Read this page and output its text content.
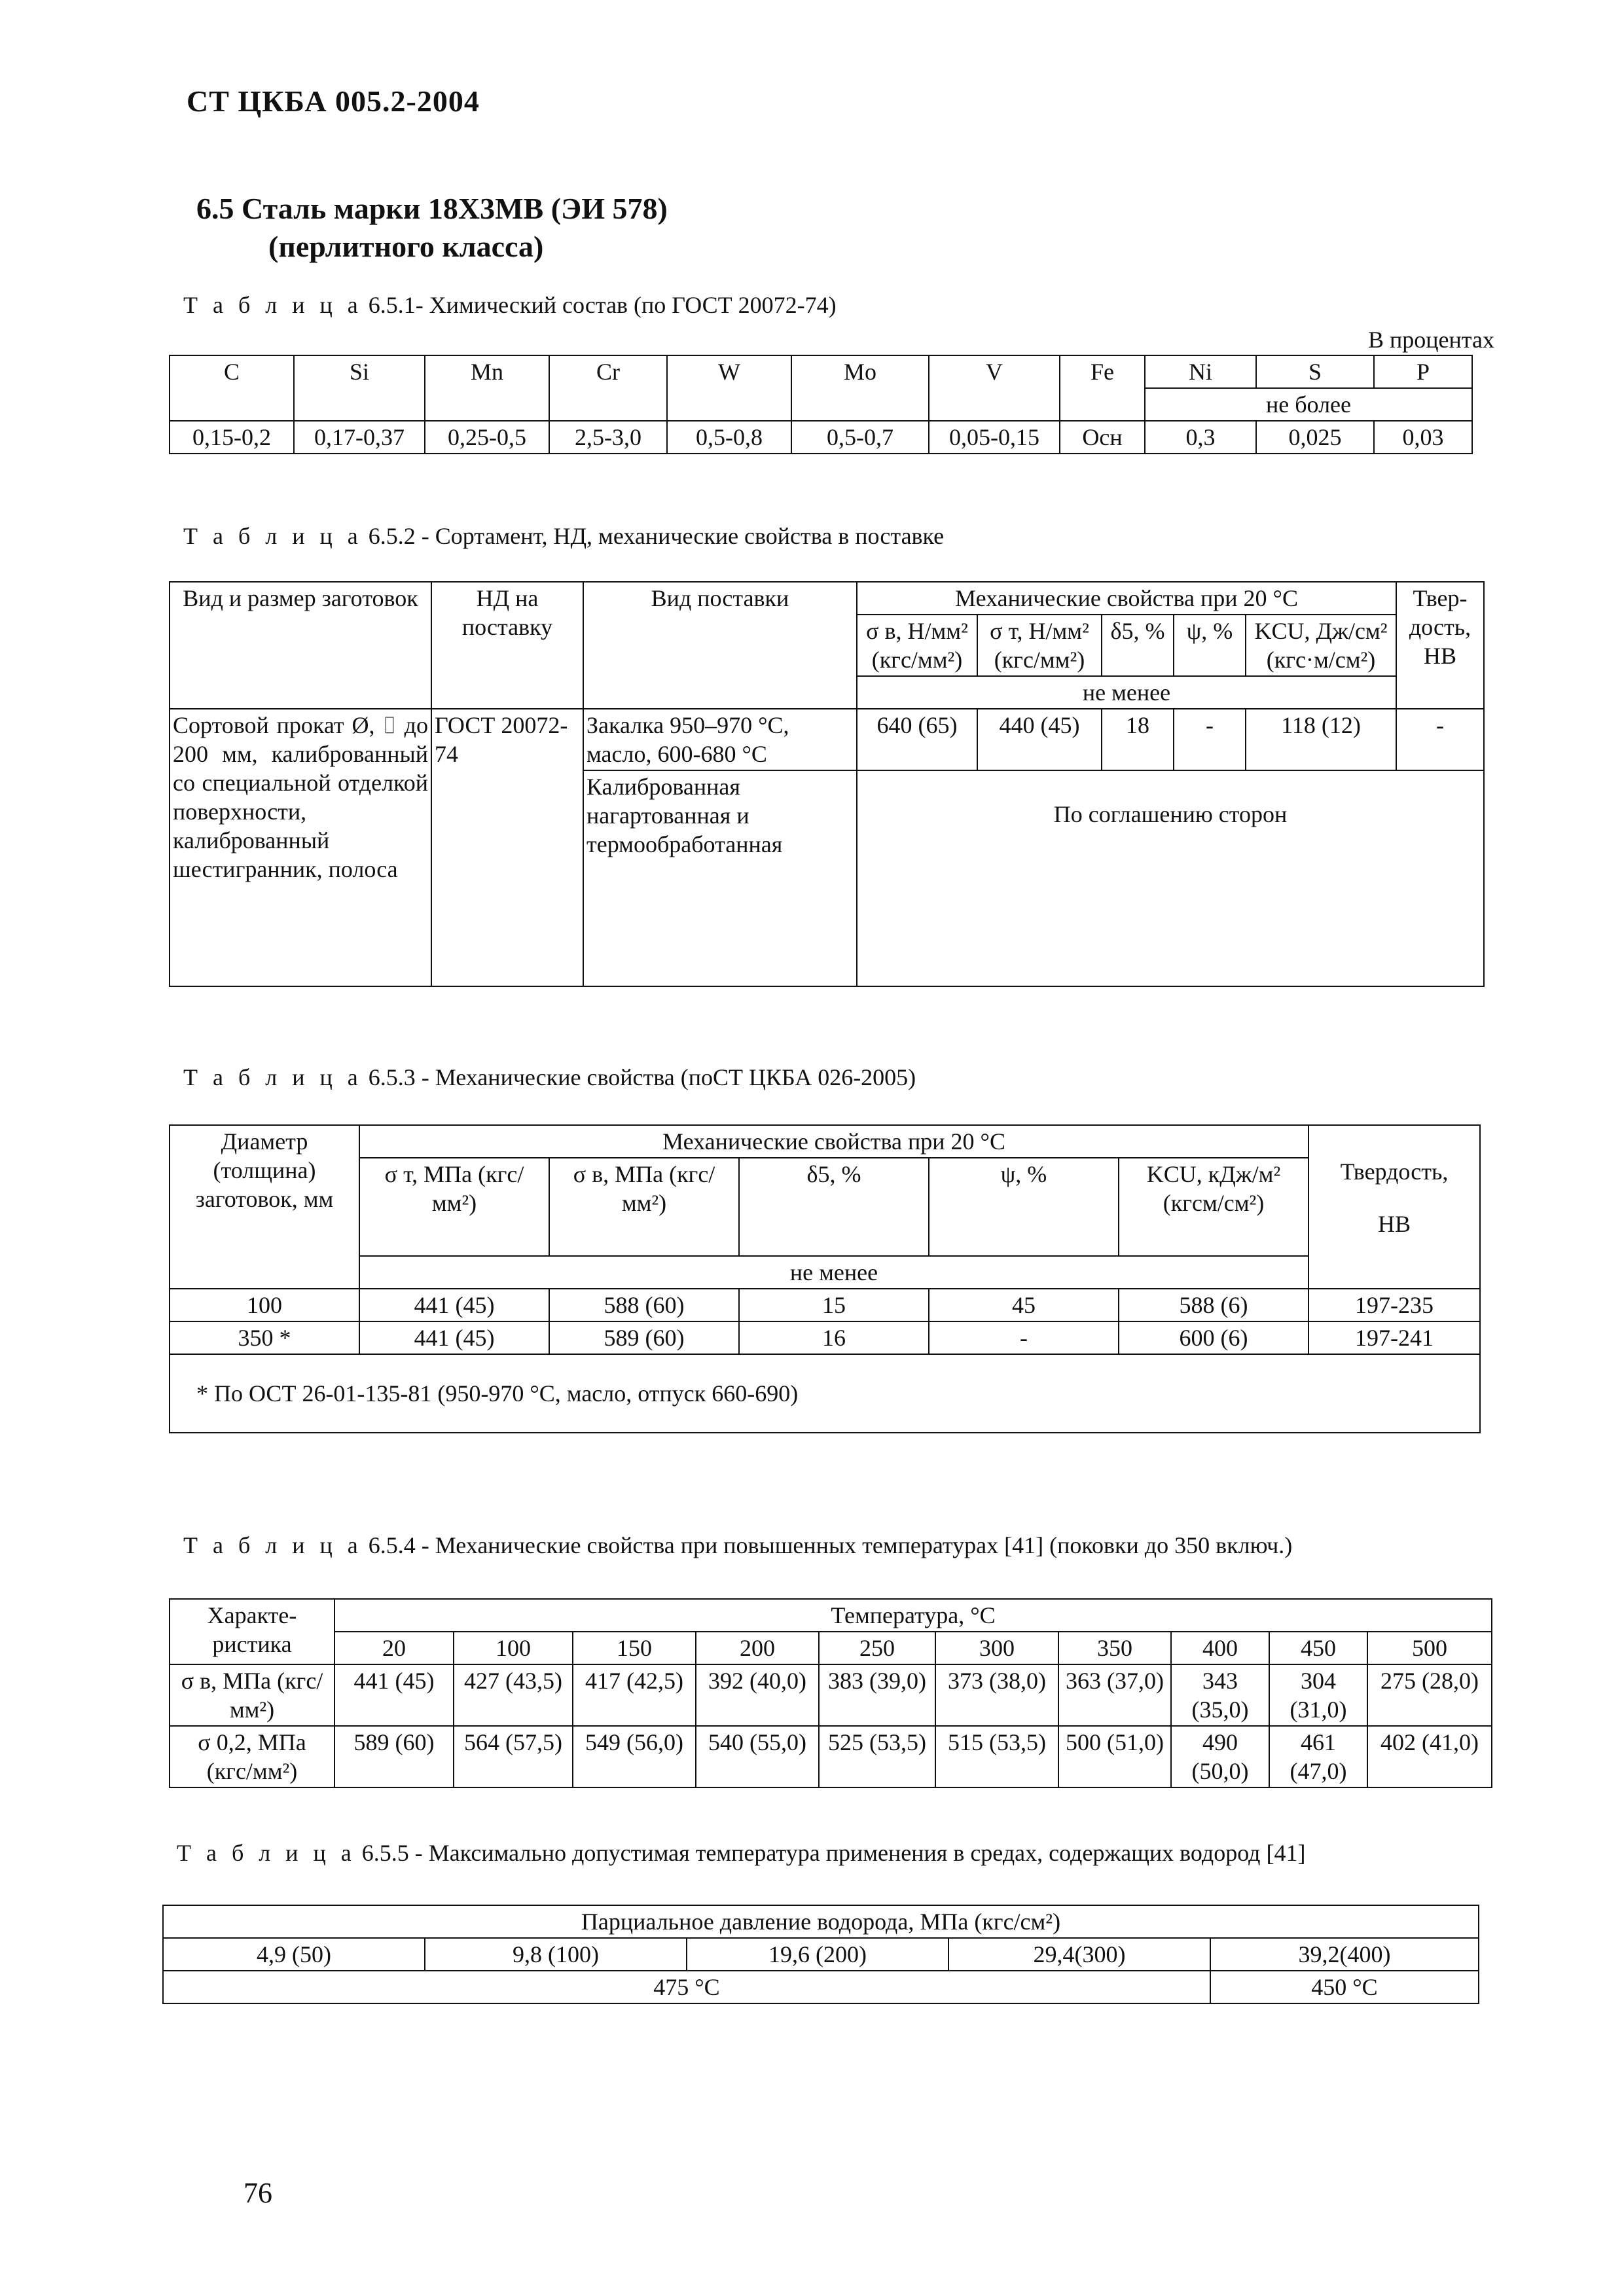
СТ ЦКБА 005.2-2004
6.5 Сталь марки 18Х3МВ (ЭИ 578)
(перлитного класса)
Т а б л и ц а 6.5.1- Химический состав (по ГОСТ 20072-74)
В процентах
C	Si	Mn	Cr	W	Mo	V	Fe	Ni	S	P
								не более		
0,15-0,2	0,17-0,37	0,25-0,5	2,5-3,0	0,5-0,8	0,5-0,7	0,05-0,15	Осн	0,3	0,025	0,03
Т а б л и ц а 6.5.2 - Сортамент, НД, механические свойства в поставке
Вид и размер заготовок	НД на поставку	Вид поставки	Механические свойства при 20 °С					Твер-дость, НВ
			σ в, Н/мм² (кгс/мм²)	σ т, Н/мм² (кгс/мм²)	δ5, %	ψ, %	KCU, Дж/см² (кгс·м/см²)	
			не менее					
Сортовой прокат Ø, ⌷ до 200 мм, калиброванный со специальной отделкой поверхности, калиброванный шестигранник, полоса	ГОСТ 20072-74	Закалка 950–970 °С, масло, 600-680 °С	640 (65)	440 (45)	18	-	118 (12)	-
		Калиброванная нагартованная и термообработанная	По соглашению сторон					
Т а б л и ц а 6.5.3 - Механические свойства (поСТ ЦКБА 026-2005)
Диаметр (толщина) заготовок, мм	Механические свойства при 20 °С					Твердость,
НВ

	σ т, МПа (кгс/мм²)	σ в, МПа (кгс/мм²)	δ5, %	ψ, %	KCU, кДж/м² (кгсм/см²)	
	не менее					
100	441 (45)	588 (60)	15	45	588 (6)	197-235
350 *	441 (45)	589 (60)	16	-	600 (6)	197-241
* По ОСТ 26-01-135-81 (950-970 °С, масло, отпуск 660-690)						
Т а б л и ц а 6.5.4 - Механические свойства при повышенных температурах [41] (поковки до 350 включ.)
Характе-ристика	Температура, °С									
	20	100	150	200	250	300	350	400	450	500
σ в, МПа (кгс/мм²)	441 (45)	427 (43,5)	417 (42,5)	392 (40,0)	383 (39,0)	373 (38,0)	363 (37,0)	343 (35,0)	304 (31,0)	275 (28,0)
σ 0,2, МПа (кгс/мм²)	589 (60)	564 (57,5)	549 (56,0)	540 (55,0)	525 (53,5)	515 (53,5)	500 (51,0)	490 (50,0)	461 (47,0)	402 (41,0)
Т а б л и ц а 6.5.5 - Максимально допустимая температура применения в средах, содержащих водород [41]
Парциальное давление водорода, МПа (кгс/см²)				
4,9 (50)	9,8 (100)	19,6 (200)	29,4(300)	39,2(400)
475 °С				450 °С
76
